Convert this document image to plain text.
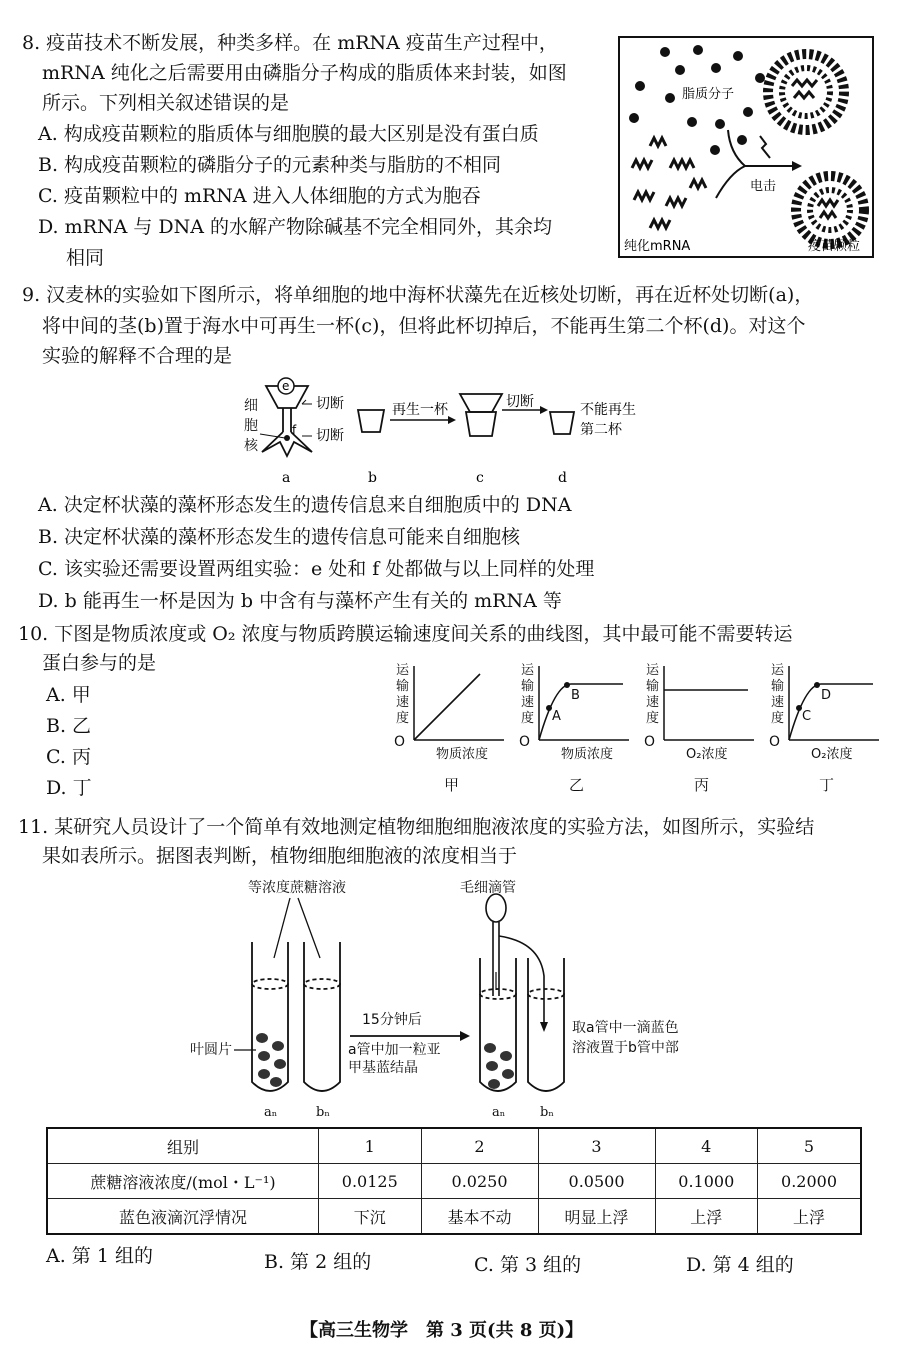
8. 疫苗技术不断发展，种类多样。在 mRNA 疫苗生产过程中，
mRNA 纯化之后需要用由磷脂分子构成的脂质体来封装，如图
所示。下列相关叙述错误的是
A. 构成疫苗颗粒的脂质体与细胞膜的最大区别是没有蛋白质
B. 构成疫苗颗粒的磷脂分子的元素种类与脂肪的不相同
C. 疫苗颗粒中的 mRNA 进入人体细胞的方式为胞吞
D. mRNA 与 DNA 的水解产物除碱基不完全相同外，其余均
相同
脂质分子
电击
纯化mRNA	疫苗颗粒
9. 汉麦林的实验如下图所示，将单细胞的地中海杯状藻先在近核处切断，再在近杯处切断(a)，
将中间的茎(b)置于海水中可再生一杯(c)，但将此杯切掉后，不能再生第二个杯(d)。对这个
实验的解释不合理的是
细
胞
核
e
f
切断
切断
再生一杯	切断	不能再生
第二杯
a	b	c	d
A. 决定杯状藻的藻杯形态发生的遗传信息来自细胞质中的 DNA
B. 决定杯状藻的藻杯形态发生的遗传信息可能来自细胞核
C. 该实验还需要设置两组实验：e 处和 f 处都做与以上同样的处理
D. b 能再生一杯是因为 b 中含有与藻杯产生有关的 mRNA 等
10. 下图是物质浓度或 O₂ 浓度与物质跨膜运输速度间关系的曲线图，其中最可能不需要转运
蛋白参与的是
A. 甲
B. 乙
C. 丙
D. 丁
运
输
速
度
O
物质浓度
甲
运
输
速
度
O
物质浓度
乙
A
B
运
输
速
度
O
O₂浓度
丙
运
输
速
度
O
O₂浓度
丁
C
D
11. 某研究人员设计了一个简单有效地测定植物细胞细胞液浓度的实验方法，如图所示，实验结
果如表所示。据图表判断，植物细胞细胞液的浓度相当于
等浓度蔗糖溶液	毛细滴管
叶圆片
15分钟后
a管中加一粒亚
甲基蓝结晶
取a管中一滴蓝色
溶液置于b管中部
aₙ	bₙ	aₙ	bₙ
组别	1	2	3	4	5
蔗糖溶液浓度/(mol・L⁻¹)	0.0125	0.0250	0.0500	0.1000	0.2000
蓝色液滴沉浮情况	下沉	基本不动	明显上浮	上浮	上浮
A. 第 1 组的	B. 第 2 组的	C. 第 3 组的	D. 第 4 组的
【高三生物学　第 3 页(共 8 页)】
